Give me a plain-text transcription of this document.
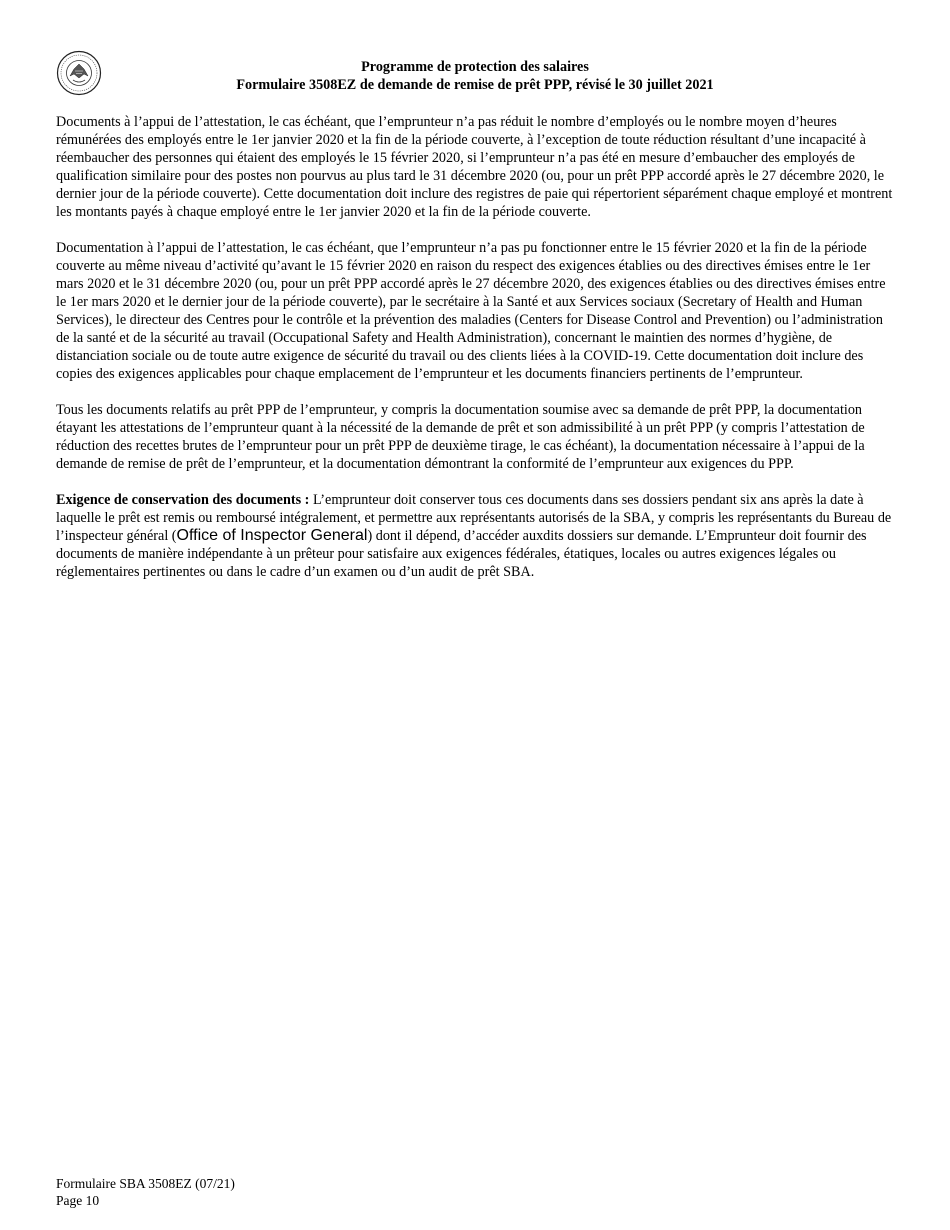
Programme de protection des salaires
Formulaire 3508EZ de demande de remise de prêt PPP, révisé le 30 juillet 2021

Documents à l’appui de l’attestation, le cas échéant, que l’emprunteur n’a pas réduit le nombre d’employés ou le nombre moyen d’heures rémunérées des employés entre le 1er janvier 2020 et la fin de la période couverte, à l’exception de toute réduction résultant d’une incapacité à réembaucher des personnes qui étaient des employés le 15 février 2020, si l’emprunteur n’a pas été en mesure d’embaucher des employés de qualification similaire pour des postes non pourvus au plus tard le 31 décembre 2020 (ou, pour un prêt PPP accordé après le 27 décembre 2020, le dernier jour de la période couverte). Cette documentation doit inclure des registres de paie qui répertorient séparément chaque employé et montrent les montants payés à chaque employé entre le 1er janvier 2020 et la fin de la période couverte.

Documentation à l’appui de l’attestation, le cas échéant, que l’emprunteur n’a pas pu fonctionner entre le 15 février 2020 et la fin de la période couverte au même niveau d’activité qu’avant le 15 février 2020 en raison du respect des exigences établies ou des directives émises entre le 1er mars 2020 et le 31 décembre 2020 (ou, pour un prêt PPP accordé après le 27 décembre 2020, des exigences établies ou des directives émises entre le 1er mars 2020 et le dernier jour de la période couverte), par le secrétaire à la Santé et aux Services sociaux (Secretary of Health and Human Services), le directeur des Centres pour le contrôle et la prévention des maladies (Centers for Disease Control and Prevention) ou l’administration de la santé et de la sécurité au travail (Occupational Safety and Health Administration), concernant le maintien des normes d’hygiène, de distanciation sociale ou de toute autre exigence de sécurité du travail ou des clients liées à la COVID-19. Cette documentation doit inclure des copies des exigences applicables pour chaque emplacement de l’emprunteur et les documents financiers pertinents de l’emprunteur.

Tous les documents relatifs au prêt PPP de l’emprunteur, y compris la documentation soumise avec sa demande de prêt PPP, la documentation étayant les attestations de l’emprunteur quant à la nécessité de la demande de prêt et son admissibilité à un prêt PPP (y compris l’attestation de réduction des recettes brutes de l’emprunteur pour un prêt PPP de deuxième tirage, le cas échéant), la documentation nécessaire à l’appui de la demande de remise de prêt de l’emprunteur, et la documentation démontrant la conformité de l’emprunteur aux exigences du PPP.

Exigence de conservation des documents : L’emprunteur doit conserver tous ces documents dans ses dossiers pendant six ans après la date à laquelle le prêt est remis ou remboursé intégralement, et permettre aux représentants autorisés de la SBA, y compris les représentants du Bureau de l’inspecteur général (Office of Inspector General) dont il dépend, d’accéder auxdits dossiers sur demande. L’Emprunteur doit fournir des documents de manière indépendante à un prêteur pour satisfaire aux exigences fédérales, étatiques, locales ou autres exigences légales ou réglementaires pertinentes ou dans le cadre d’un examen ou d’un audit de prêt SBA.

Formulaire SBA 3508EZ (07/21)
Page 10
